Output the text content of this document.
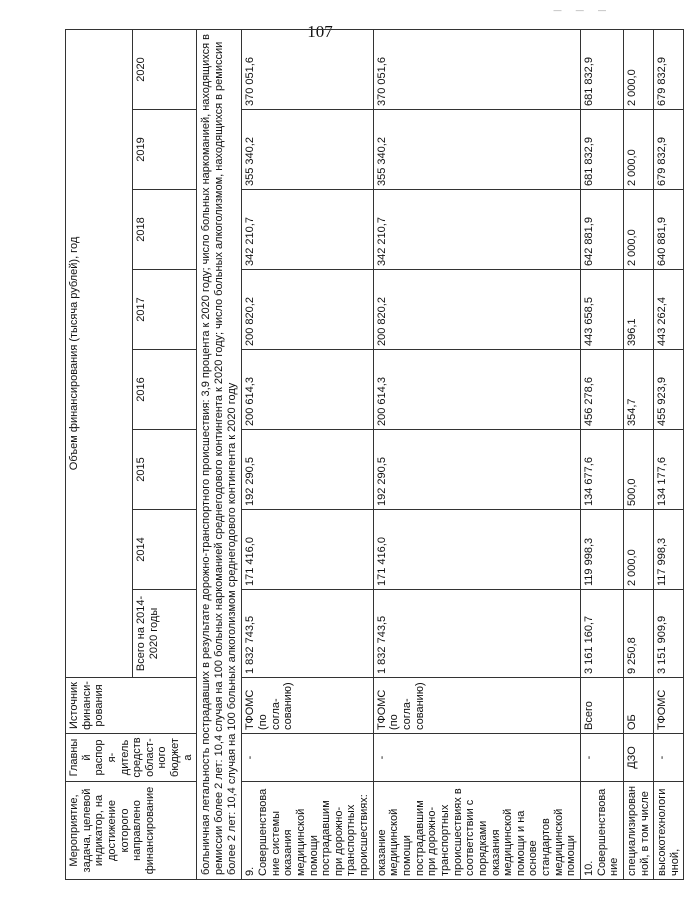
107
— — —
Мероприятие, задача, целевой индикатор, на достижение которого направлено финансирование	Главный распоря-дитель средств област-ного бюджета	Источник финанси-рования	Объем финансирования (тысяча рублей), год							
			Всего на 2014-2020 годы	2014	2015	2016	2017	2018	2019	2020
больничная летальность пострадавших в результате дорожно-транспортного происшествия: 3,9 процента к 2020 году; число больных наркоманией, находящихся в ремиссии более 2 лет: 10,4 случая на 100 больных наркоманией среднегодового контингента к 2020 году; число больных алкоголизмом, находящихся в ремиссии более 2 лет: 10,4 случая на 100 больных алкоголизмом среднегодового контингента к 2020 году										
9. Совершенствование системы оказания медицинской помощи пострадавшим при дорожно-транспортных происшествиях:	-	ТФОМС (по согла-сованию)	1 832 743,5	171 416,0	192 290,5	200 614,3	200 820,2	342 210,7	355 340,2	370 051,6
оказание медицинской помощи пострадавшим при дорожно-транспортных происшествиях в соответствии с порядками оказания медицинской помощи и на основе стандартов медицинской помощи	-	ТФОМС (по согла-сованию)	1 832 743,5	171 416,0	192 290,5	200 614,3	200 820,2	342 210,7	355 340,2	370 051,6
10. Совершенствование	-	Всего	3 161 160,7	119 998,3	134 677,6	456 278,6	443 658,5	642 881,9	681 832,9	681 832,9
специализированной, в том числе	ДЗО	ОБ	9 250,8	2 000,0	500,0	354,7	396,1	2 000,0	2 000,0	2 000,0
высокотехнологичной,	-	ТФОМС	3 151 909,9	117 998,3	134 177,6	455 923,9	443 262,4	640 881,9	679 832,9	679 832,9
